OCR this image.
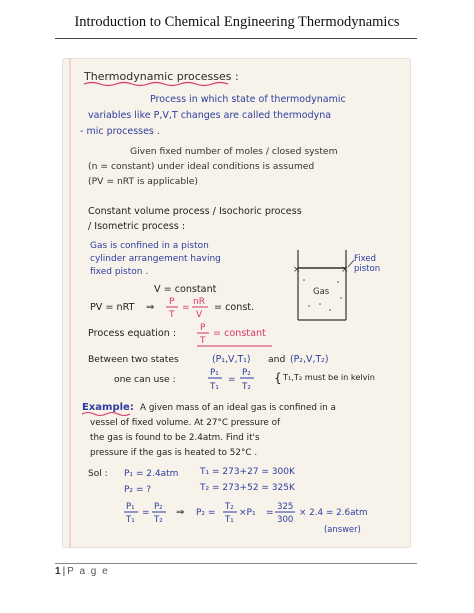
Introduction to Chemical Engineering Thermodynamics
Thermodynamic processes :
Process in which state of thermodynamic
variables like P,V,T changes are called thermodyna
- mic processes .
Given fixed number of moles / closed system
(n = constant) under ideal conditions is assumed
(PV = nRT is applicable)
Constant volume process / Isochoric process
/ Isometric process :
Gas is confined in a piston
cylinder arrangement having
fixed piston .
V = constant
PV = nRT ⇒ P
T
=
nR
V
= const.
×	×
Fixed
piston
Gas
Process equation :	P
T
= constant
Between two states	(P₁,V,T₁) and (P₂,V,T₂)
one can use :
P₁
T₁
=
P₂
T₂
{ T₁,T₂ must be in kelvin
Example: A given mass of an ideal gas is confined in a
vessel of fixed volume. At 27°C pressure of
the gas is found to be 2.4atm. Find it's
pressure if the gas is heated to 52°C .
Sol : P₁ = 2.4atm T₁ = 273+27 = 300K
P₂ = ?	T₂ = 273+52 = 325K
P₁
T₁
=
P₂
T₂
⇒ P₂ =
T₂
T₁
×P₁ =
325
300
× 2.4 = 2.6atm
(answer)
1 | P a g e
